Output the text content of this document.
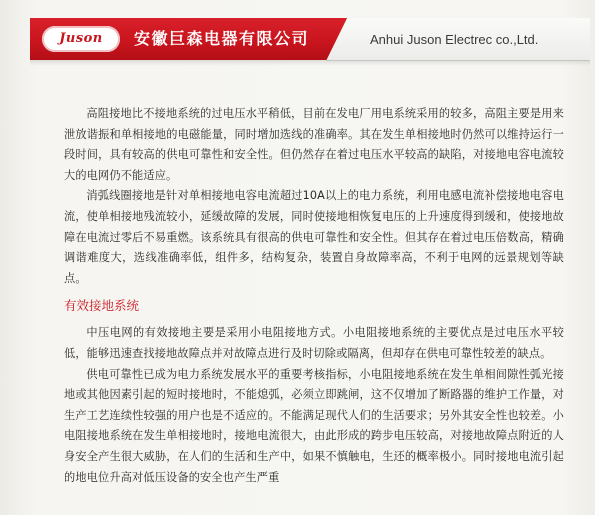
Juson	安徽巨森电器有限公司	Anhui Juson Electrec co.,Ltd.

高阻接地比不接地系统的过电压水平稍低，目前在发电厂用电系统采用的较多，高阻主要是用来泄放谐振和单相接地的电磁能量，同时增加选线的准确率。其在发生单相接地时仍然可以维持运行一段时间，具有较高的供电可靠性和安全性。但仍然存在着过电压水平较高的缺陷，对接地电容电流较大的电网仍不能适应。

消弧线圈接地是针对单相接地电容电流超过10A以上的电力系统，利用电感电流补偿接地电容电流，使单相接地残流较小，延缓故障的发展，同时使接地相恢复电压的上升速度得到缓和，使接地故障在电流过零后不易重燃。该系统具有很高的供电可靠性和安全性。但其存在着过电压倍数高，精确调谐难度大，选线准确率低，组件多，结构复杂，装置自身故障率高，不利于电网的远景规划等缺点。

有效接地系统

中压电网的有效接地主要是采用小电阻接地方式。小电阻接地系统的主要优点是过电压水平较低，能够迅速查找接地故障点并对故障点进行及时切除或隔离，但却存在供电可靠性较差的缺点。

供电可靠性已成为电力系统发展水平的重要考核指标，小电阻接地系统在发生单相间隙性弧光接地或其他因素引起的短时接地时，不能熄弧，必须立即跳闸，这不仅增加了断路器的维护工作量，对生产工艺连续性较强的用户也是不适应的。不能满足现代人们的生活要求；另外其安全性也较差。小电阻接地系统在发生单相接地时，接地电流很大，由此形成的跨步电压较高，对接地故障点附近的人身安全产生很大威胁，在人们的生活和生产中，如果不慎触电，生还的概率极小。同时接地电流引起的地电位升高对低压设备的安全也产生严重
